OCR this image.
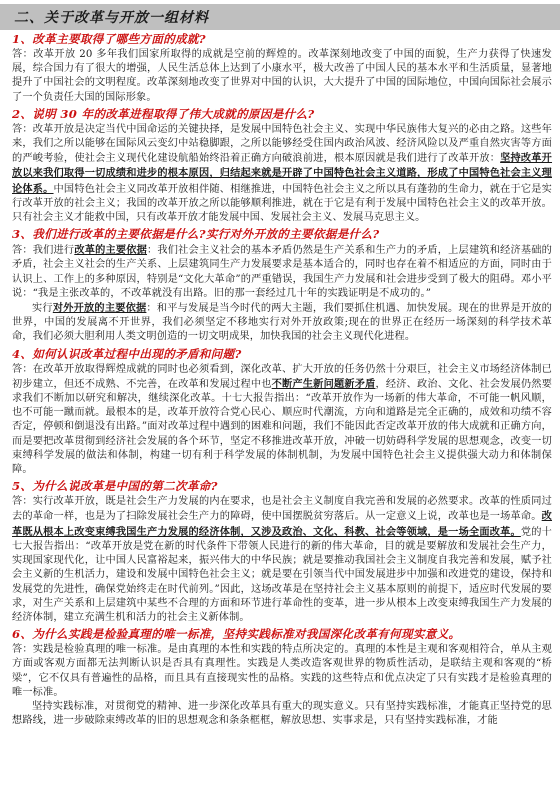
二、关于改革与开放一组材料
1、改革主要取得了哪些方面的成就?

答：改革开放 20 多年我们国家所取得的成就是空前的辉煌的。改革深刻地改变了中国的面貌，生产力获得了快速发展，综合国力有了很大的增强，人民生活总体上达到了小康水平，极大改善了中国人民的基本水平和生活质量，显著地提升了中国社会的文明程度。改革深刻地改变了世界对中国的认识，大大提升了中国的国际地位，中国向国际社会展示了一个负责任大国的国际形象。

2、说明 30 年的改革进程取得了伟大成就的原因是什么?

答：改革开放是决定当代中国命运的关键抉择，是发展中国特色社会主义、实现中华民族伟大复兴的必由之路。这些年来，我们之所以能够在国际风云变幻中站稳脚跟，之所以能够经受住国内政治风波、经济风险以及严重自然灾害等方面的严峻考验，使社会主义现代化建设航船始终沿着正确方向破浪前进，根本原因就是我们进行了改革开放：坚持改革开放以来我们取得一切成绩和进步的根本原因，归结起来就是开辟了中国特色社会主义道路，形成了中国特色社会主义理论体系。中国特色社会主义同改革开放相伴随、相继推进，中国特色社会主义之所以具有蓬勃的生命力，就在于它是实行改革开放的社会主义；我国的改革开放之所以能够顺利推进，就在于它是有利于发展中国特色社会主义的改革开放。只有社会主义才能救中国，只有改革开放才能发展中国、发展社会主义、发展马克思主义。

3、我们进行改革的主要依据是什么?实行对外开放的主要依据是什么?

答：我们进行改革的主要依据：我们社会主义社会的基本矛盾仍然是生产关系和生产力的矛盾，上层建筑和经济基础的矛盾，社会主义社会的生产关系、上层建筑同生产力发展要求是基本适合的，同时也存在着不相适应的方面，同时由于认识上、工作上的多种原因，特别是“文化大革命”的严重错误，我国生产力发展和社会进步受到了极大的阻碍。邓小平说：“我是主张改革的，不改革就没有出路。旧的那一套经过几十年的实践证明是不成功的。”

实行对外开放的主要依据：和平与发展是当今时代的两大主题，我们要抓住机遇、加快发展。现在的世界是开放的世界，中国的发展离不开世界，我们必须坚定不移地实行对外开放政策;现在的世界正在经历一场深刻的科学技术革命，我们必须大胆利用人类文明创造的一切文明成果，加快我国的社会主义现代化进程。

4、如何认识改革过程中出现的矛盾和问题?

答：在改革开放取得辉煌成就的同时也必须看到，深化改革、扩大开放的任务仍然十分艰巨，社会主义市场经济体制已初步建立，但还不成熟、不完善，在改革和发展过程中也不断产生新问题新矛盾，经济、政治、文化、社会发展仍然要求我们不断加以研究和解决，继续深化改革。十七大报告指出：“改革开放作为一场新的伟大革命，不可能一帆风顺，也不可能一蹴而就。最根本的是，改革开放符合党心民心、顺应时代潮流，方向和道路是完全正确的，成效和功绩不容否定，停顿和倒退没有出路。”面对改革过程中遇到的困难和问题，我们不能因此否定改革开放的伟大成就和正确方向，而是要把改革贯彻到经济社会发展的各个环节，坚定不移推进改革开放，冲破一切妨碍科学发展的思想观念，改变一切束缚科学发展的做法和体制，构建一切有利于科学发展的体制机制，为发展中国特色社会主义提供强大动力和体制保障。

5、为什么说改革是中国的第二次革命?

答：实行改革开放，既是社会生产力发展的内在要求，也是社会主义制度自我完善和发展的必然要求。改革的性质同过去的革命一样，也是为了扫除发展社会生产力的障碍，使中国摆脱贫穷落后。从一定意义上说，改革也是一场革命。改革既从根本上改变束缚我国生产力发展的经济体制，又涉及政治、文化、科教、社会等领域，是一场全面改革。党的十七大报告指出：“改革开放是党在新的时代条件下带领人民进行的新的伟大革命，目的就是要解放和发展社会生产力，实现国家现代化，让中国人民富裕起来，振兴伟大的中华民族；就是要推动我国社会主义制度自我完善和发展，赋予社会主义新的生机活力，建设和发展中国特色社会主义；就是要在引领当代中国发展进步中加强和改进党的建设，保持和发展党的先进性，确保党始终走在时代前列。”因此，这场改革是在坚持社会主义基本原则的前提下，适应时代发展的要求，对生产关系和上层建筑中某些不合理的方面和环节进行革命性的变革，进一步从根本上改变束缚我国生产力发展的经济体制，建立充满生机和活力的社会主义新体制。

6、为什么实践是检验真理的唯一标准，坚持实践标准对我国深化改革有何现实意义。

答：实践是检验真理的唯一标准。是由真理的本性和实践的特点所决定的。真理的本性是主观和客观相符合，单从主观方面或客观方面都无法判断认识是否具有真理性。实践是人类改造客观世界的物质性活动，是联结主观和客观的“桥梁”，它不仅具有普遍性的品格，而且具有直接现实性的品格。实践的这些特点和优点决定了只有实践才是检验真理的唯一标准。

坚持实践标准，对贯彻党的精神、进一步深化改革具有重大的现实意义。只有坚持实践标准，才能真正坚持党的思想路线，进一步破除束缚改革的旧的思想观念和条条框框，解放思想、实事求是，只有坚持实践标准，才能
